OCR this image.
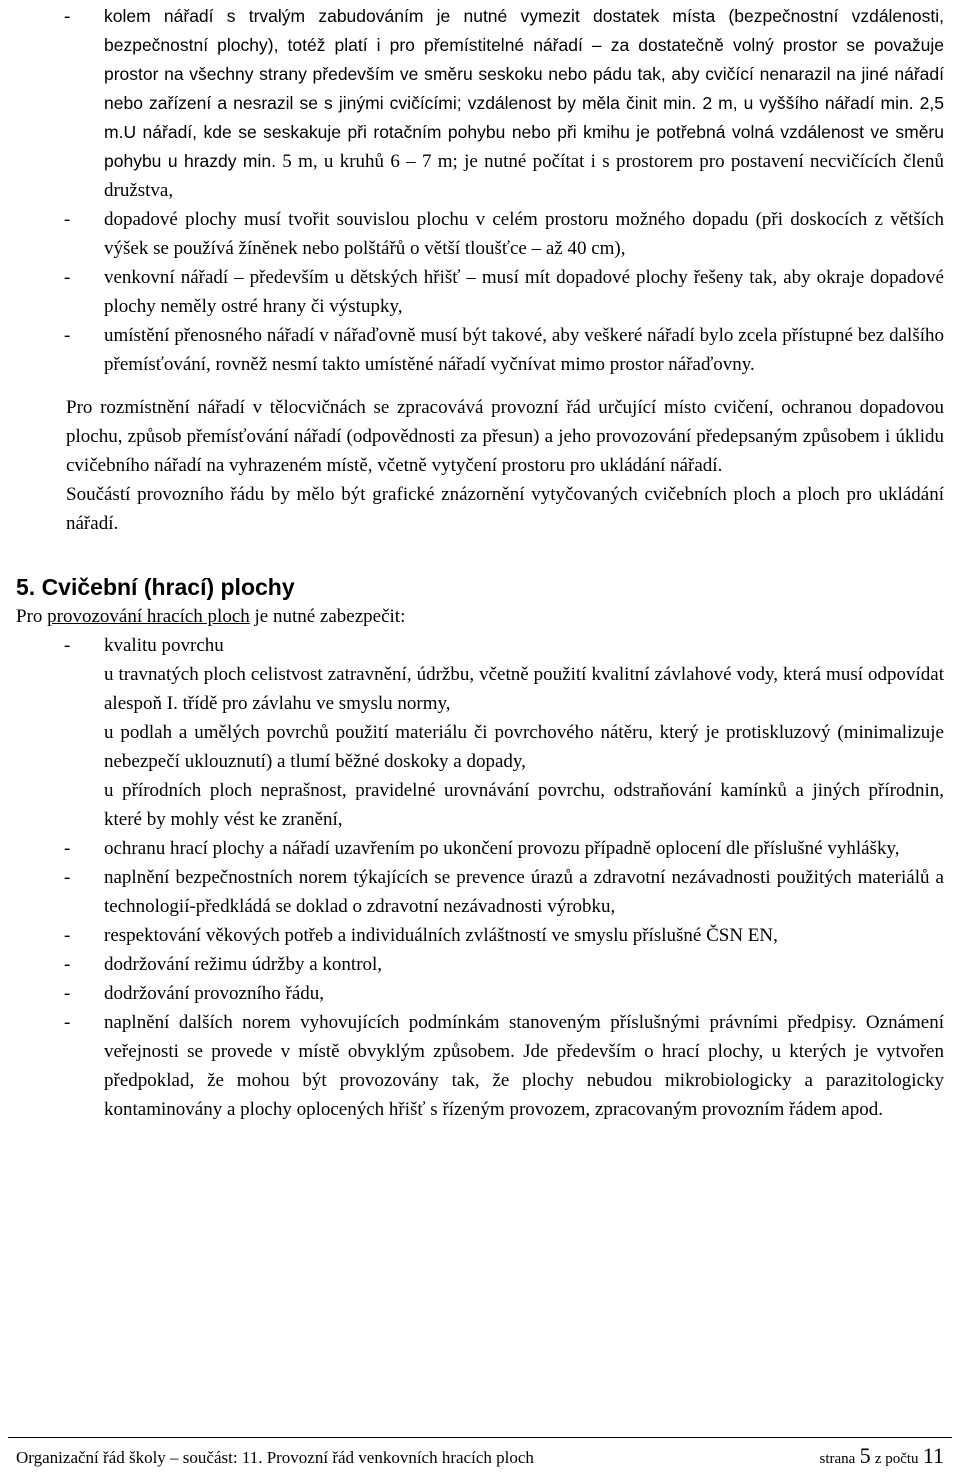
- kolem nářadí s trvalým zabudováním je nutné vymezit dostatek místa (bezpečnostní vzdálenosti, bezpečnostní plochy), totéž platí i pro přemístitelné nářadí – za dostatečně volný prostor se považuje prostor na všechny strany především ve směru seskoku nebo pádu tak, aby cvičící nenarazil na jiné nářadí nebo zařízení a nesrazil se s jinými cvičícími; vzdálenost by měla činit min. 2 m, u vyššího nářadí min. 2,5 m.U nářadí, kde se seskakuje při rotačním pohybu nebo při kmihu je potřebná volná vzdálenost ve směru pohybu u hrazdy min. 5 m, u kruhů 6 – 7 m; je nutné počítat i s prostorem pro postavení necvičících členů družstva,
- dopadové plochy musí tvořit souvislou plochu v celém prostoru možného dopadu (při doskocích z větších výšek se používá žíněnek nebo polštářů o větší tloušťce – až 40 cm),
- venkovní nářadí – především u dětských hřišť – musí mít dopadové plochy řešeny tak, aby okraje dopadové plochy neměly ostré hrany či výstupky,
- umístění přenosného nářadí v nářaďovně musí být takové, aby veškeré nářadí bylo zcela přístupné bez dalšího přemísťování, rovněž nesmí takto umístěné nářadí vyčnívat mimo prostor nářaďovny.
Pro rozmístnění nářadí v tělocvičnách se zpracovává provozní řád určující místo cvičení, ochranou dopadovou plochu, způsob přemísťování nářadí (odpovědnosti za přesun) a jeho provozování předepsaným způsobem i úklidu cvičebního nářadí na vyhrazeném místě, včetně vytyčení prostoru pro ukládání nářadí.
Součástí provozního řádu by mělo být grafické znázornění vytyčovaných cvičebních ploch a ploch pro ukládání nářadí.
5. Cvičební (hrací) plochy
Pro provozování hracích ploch je nutné zabezpečit:
- kvalitu povrchu
u travnatých ploch celistvost zatravnění, údržbu, včetně použití kvalitní závlahové vody, která musí odpovídat alespoň I. třídě pro závlahu ve smyslu normy,
u podlah a umělých povrchů použití materiálu či povrchového nátěru, který je protiskluzový (minimalizuje nebezpečí uklouznutí) a tlumí běžné doskoky a dopady,
u přírodních ploch neprašnost, pravidelné urovnávání povrchu, odstraňování kamínků a jiných přírodnin, které by mohly vést ke zranění,
- ochranu hrací plochy a nářadí uzavřením po ukončení provozu případně oplocení dle příslušné vyhlášky,
- naplnění bezpečnostních norem týkajících se prevence úrazů a zdravotní nezávadnosti použitých materiálů a technologií-předkládá se doklad o zdravotní nezávadnosti výrobku,
- respektování věkových potřeb a individuálních zvláštností ve smyslu příslušné ČSN EN,
- dodržování režimu údržby a kontrol,
- dodržování provozního řádu,
- naplnění dalších norem vyhovujících podmínkám stanoveným příslušnými právními předpisy. Oznámení veřejnosti se provede v místě obvyklým způsobem. Jde především o hrací plochy, u kterých je vytvořen předpoklad, že mohou být provozovány tak, že plochy nebudou mikrobiologicky a parazitologicky kontaminovány a plochy oplocených hřišť s řízeným provozem, zpracovaným provozním řádem apod.
Organizační řád školy – součást: 11. Provozní řád venkovních hracích ploch	strana 5 z počtu 11
